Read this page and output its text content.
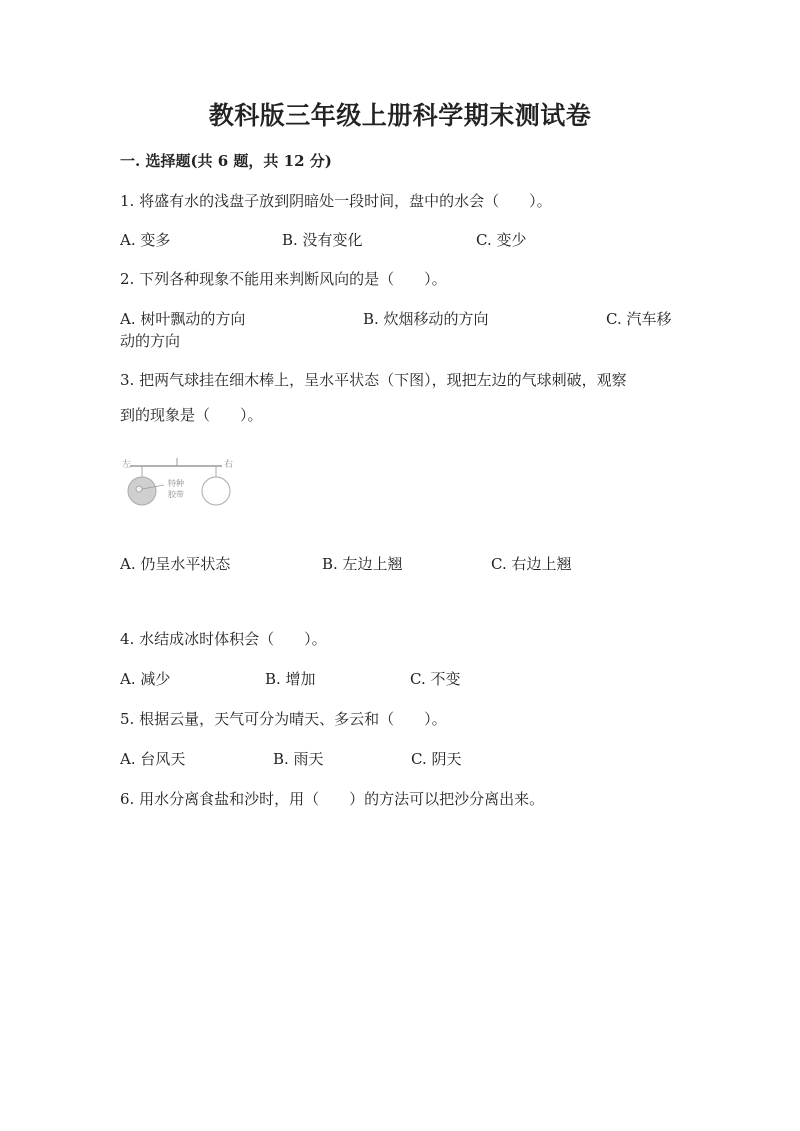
教科版三年级上册科学期末测试卷
一. 选择题(共 6 题，共 12 分)
1. 将盛有水的浅盘子放到阴暗处一段时间，盘中的水会（　　）。
A. 变多	B. 没有变化	C. 变少
2. 下列各种现象不能用来判断风向的是（　　）。
A. 树叶飘动的方向	B. 炊烟移动的方向	C. 汽车移
动的方向
3. 把两气球挂在细木棒上，呈水平状态（下图），现把左边的气球刺破，观察
到的现象是（　　）。
左	右
特种
胶带
A. 仍呈水平状态	B. 左边上翘	C. 右边上翘
4. 水结成冰时体积会（　　）。
A. 减少	B. 增加	C. 不变
5. 根据云量，天气可分为晴天、多云和（　　）。
A. 台风天	B. 雨天	C. 阴天
6. 用水分离食盐和沙时，用（　　）的方法可以把沙分离出来。
